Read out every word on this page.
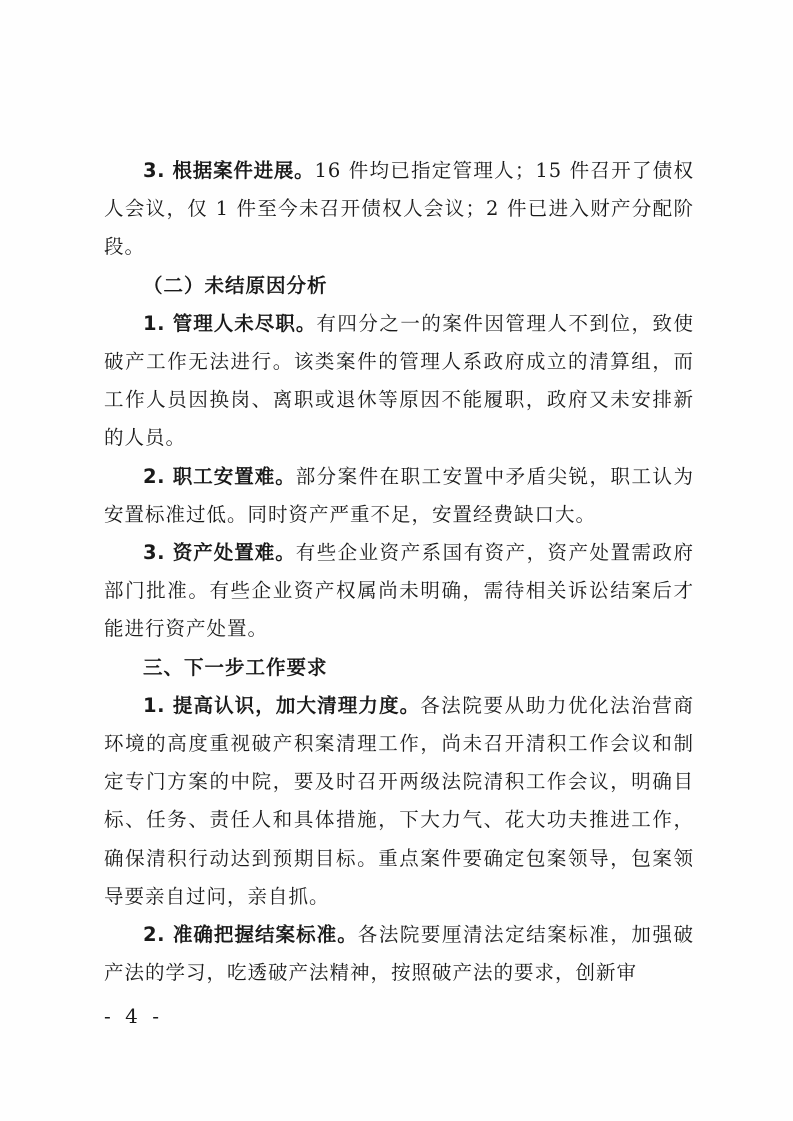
3. 根据案件进展。16 件均已指定管理人；15 件召开了债权人会议，仅 1 件至今未召开债权人会议；2 件已进入财产分配阶段。

（二）未结原因分析

1. 管理人未尽职。有四分之一的案件因管理人不到位，致使破产工作无法进行。该类案件的管理人系政府成立的清算组，而工作人员因换岗、离职或退休等原因不能履职，政府又未安排新的人员。

2. 职工安置难。部分案件在职工安置中矛盾尖锐，职工认为安置标准过低。同时资产严重不足，安置经费缺口大。

3. 资产处置难。有些企业资产系国有资产，资产处置需政府部门批准。有些企业资产权属尚未明确，需待相关诉讼结案后才能进行资产处置。

三、下一步工作要求

1. 提高认识，加大清理力度。各法院要从助力优化法治营商环境的高度重视破产积案清理工作，尚未召开清积工作会议和制定专门方案的中院，要及时召开两级法院清积工作会议，明确目标、任务、责任人和具体措施，下大力气、花大功夫推进工作，确保清积行动达到预期目标。重点案件要确定包案领导，包案领导要亲自过问，亲自抓。

2. 准确把握结案标准。各法院要厘清法定结案标准，加强破产法的学习，吃透破产法精神，按照破产法的要求，创新审

- 4 -
